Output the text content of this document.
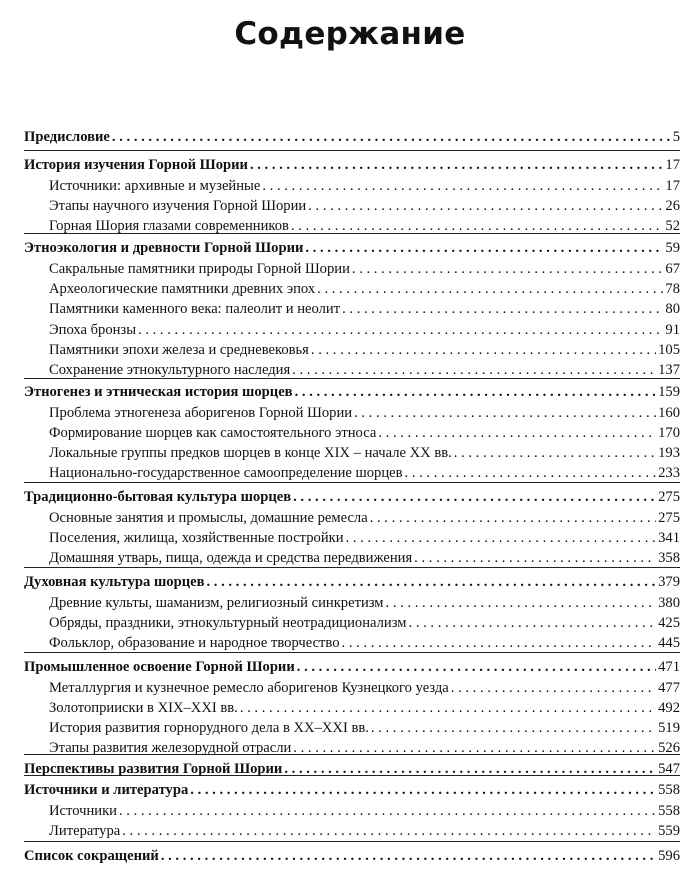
Содержание
Предисловие . . .	5
История изучения Горной Шории . . .	17
Источники: архивные и музейные . . .	17
Этапы научного изучения Горной Шории . . .	26
Горная Шория глазами современников . . .	52
Этноэкология и древности Горной Шории . . .	59
Сакральные памятники природы Горной Шории . . .	67
Археологические памятники древних эпох . . .	78
Памятники каменного века: палеолит и неолит . . .	80
Эпоха бронзы . . .	91
Памятники эпохи железа и средневековья . . .	105
Сохранение этнокультурного наследия . . .	137
Этногенез и этническая история шорцев . . .	159
Проблема этногенеза аборигенов Горной Шории . . .	160
Формирование шорцев как самостоятельного этноса . . .	170
Локальные группы предков шорцев в конце XIX – начале XX вв. . . .	193
Национально-государственное самоопределение шорцев . . .	233
Традиционно-бытовая культура шорцев . . .	275
Основные занятия и промыслы, домашние ремесла . . .	275
Поселения, жилища, хозяйственные постройки . . .	341
Домашняя утварь, пища, одежда и средства передвижения . . .	358
Духовная культура шорцев . . .	379
Древние культы, шаманизм, религиозный синкретизм . . .	380
Обряды, праздники, этнокультурный неотрадиционализм . . .	425
Фольклор, образование и народное творчество . . .	445
Промышленное освоение Горной Шории . . .	471
Металлургия и кузнечное ремесло аборигенов Кузнецкого уезда . . .	477
Золотоприиски в XIX–XXI вв. . . .	492
История развития горнорудного дела в XX–XXI вв. . . .	519
Этапы развития железорудной отрасли . . .	526
Перспективы развития Горной Шории . . .	547
Источники и литература . . .	558
Источники . . .	558
Литература . . .	559
Список сокращений . . .	596
